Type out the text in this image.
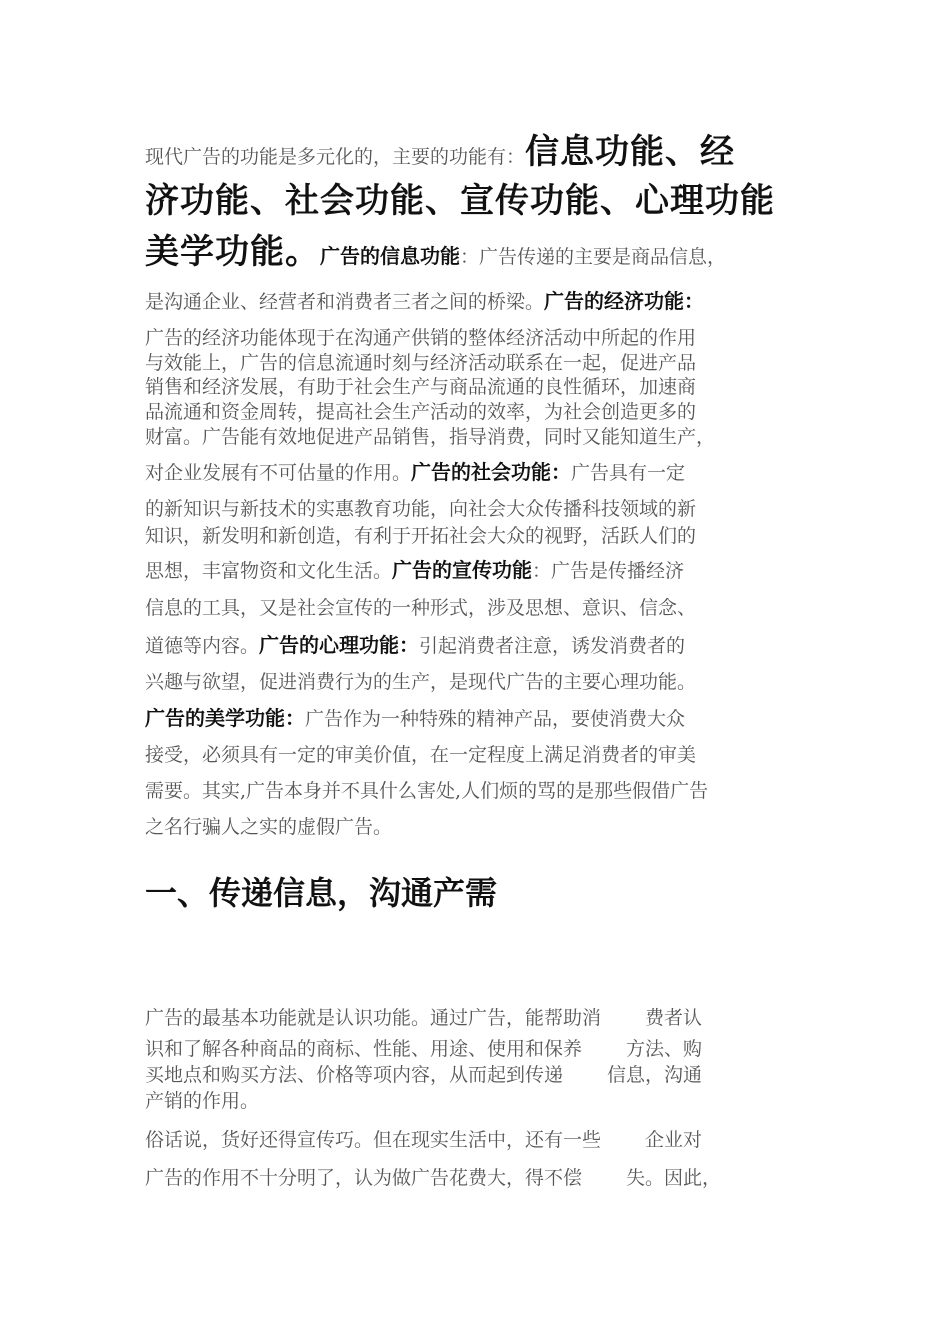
现代广告的功能是多元化的，主要的功能有：信息功能、经
济功能、社会功能、宣传功能、心理功能
美学功能。广告的信息功能：广告传递的主要是商品信息，
是沟通企业、经营者和消费者三者之间的桥梁。广告的经济功能：
广告的经济功能体现于在沟通产供销的整体经济活动中所起的作用
与效能上，广告的信息流通时刻与经济活动联系在一起，促进产品
销售和经济发展，有助于社会生产与商品流通的良性循环，加速商
品流通和资金周转，提高社会生产活动的效率，为社会创造更多的
财富。广告能有效地促进产品销售，指导消费，同时又能知道生产，
对企业发展有不可估量的作用。广告的社会功能：广告具有一定
的新知识与新技术的实惠教育功能，向社会大众传播科技领域的新
知识，新发明和新创造，有利于开拓社会大众的视野，活跃人们的
思想，丰富物资和文化生活。广告的宣传功能：广告是传播经济
信息的工具，又是社会宣传的一种形式，涉及思想、意识、信念、
道德等内容。广告的心理功能：引起消费者注意，诱发消费者的
兴趣与欲望，促进消费行为的生产，是现代广告的主要心理功能。
广告的美学功能：广告作为一种特殊的精神产品，要使消费大众
接受，必须具有一定的审美价值，在一定程度上满足消费者的审美
需要。其实,广告本身并不具什么害处,人们烦的骂的是那些假借广告
之名行骗人之实的虚假广告。
一、传递信息，沟通产需
广告的最基本功能就是认识功能。通过广告，能帮助消 费者认
识和了解各种商品的商标、性能、用途、使用和保养 方法、购
买地点和购买方法、价格等项内容，从而起到传递 信息，沟通
产销的作用。
俗话说，货好还得宣传巧。但在现实生活中，还有一些 企业对
广告的作用不十分明了，认为做广告花费大，得不偿 失。因此，
